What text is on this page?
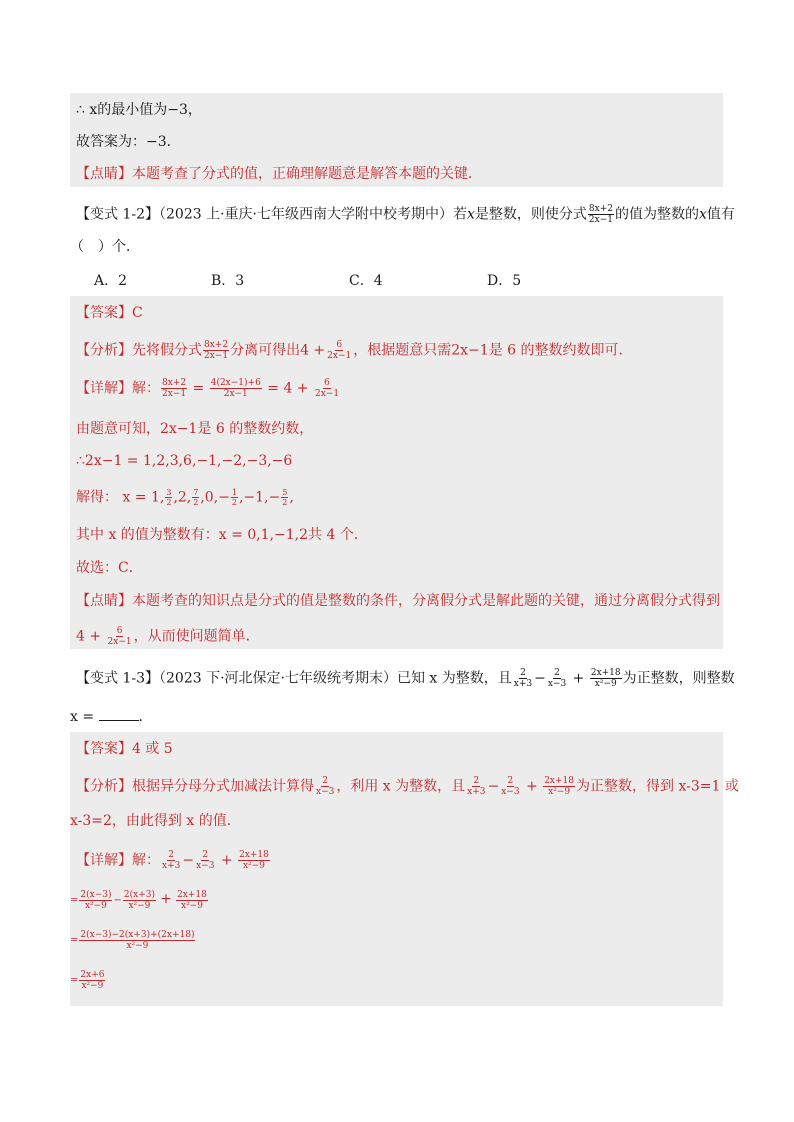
∴ x的最小值为−3，
故答案为：−3．
【点睛】本题考查了分式的值，正确理解题意是解答本题的关键．
【变式 1-2】（2023 上·重庆·七年级西南大学附中校考期中）若x是整数，则使分式 $\frac{8x+2}{2x-1}$ 的值为整数的x值有
（　）个．
A．2	B．3	C．4	D．5
【答案】C
【分析】先将假分式 $\frac{8x+2}{2x-1}$ 分离可得出$4 + \frac{6}{2x-1}$ ，根据题意只需2x−1是 6 的整数约数即可．
【详解】解： $\frac{8x+2}{2x-1} = \frac{4(2x-1)+6}{2x-1} = 4 + \frac{6}{2x-1}$
由题意可知，2x−1是 6 的整数约数，
∴2x−1 = 1,2,3,6,−1,−2,−3,−6
解得： x = 1, $\frac{3}{2} ,2$, $\frac{7}{2} ,0,- \frac{1}{2} ,-1,- \frac{5}{2}$ ,
其中 x 的值为整数有：x = 0,1,−1,2共 4 个．
故选：C．
【点睛】本题考查的知识点是分式的值是整数的条件，分离假分式是解此题的关键，通过分离假分式得到
$4 + \frac{6}{2x-1}$ ，从而使问题简单．
【变式 1-3】（2023 下·河北保定·七年级统考期末）已知 x 为整数，且 $\frac{2}{x+3} - \frac{2}{x-3} + \frac{2x+18}{\text{x²−9}}$ 为正整数，则整数
x =	．
【答案】4 或 5
【分析】根据异分母分式加减法计算得 $\frac{2}{x-3}$ ，利用 x 为整数，且 $\frac{2}{x+3} - \frac{2}{x-3} + \frac{2x+18}{\text{x²−9}}$ 为正整数，得到 x-3=1 或
x-3=2，由此得到 x 的值．
【详解】解： $\frac{2}{x+3} - \frac{2}{x-3} + \frac{2x+18}{\text{x²−9}}$
= $\frac{2(x-3)}{\text{x²−9}} - \frac{2(x+3)}{\text{x²−9}} + \frac{2x+18}{\text{x²−9}}$
= $\frac{2(x-3)-2(x+3)+(2x+18)}{\text{x²−9}}$
= $\frac{2x+6}{\text{x²−9}}$
